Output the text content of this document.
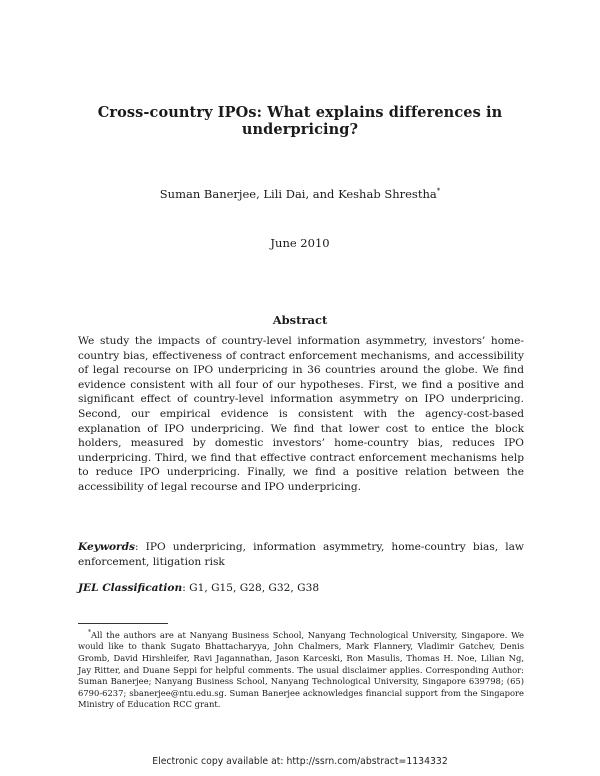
Cross-country IPOs: What explains differences in underpricing?
Suman Banerjee, Lili Dai, and Keshab Shrestha*
June 2010
Abstract

We study the impacts of country-level information asymmetry, investors’ home-country bias, effectiveness of contract enforcement mechanisms, and accessibility of legal recourse on IPO underpricing in 36 countries around the globe. We find evidence consistent with all four of our hypotheses. First, we find a positive and significant effect of country-level information asymmetry on IPO underpricing. Second, our empirical evidence is consistent with the agency-cost-based explanation of IPO underpricing. We find that lower cost to entice the block holders, measured by domestic investors’ home-country bias, reduces IPO underpricing. Third, we find that effective contract enforcement mechanisms help to reduce IPO underpricing. Finally, we find a positive relation between the accessibility of legal recourse and IPO underpricing.

Keywords: IPO underpricing, information asymmetry, home-country bias, law enforcement, litigation risk

JEL Classification: G1, G15, G28, G32, G38

*All the authors are at Nanyang Business School, Nanyang Technological University, Singapore. We would like to thank Sugato Bhattacharyya, John Chalmers, Mark Flannery, Vladimir Gatchev, Denis Gromb, David Hirshleifer, Ravi Jagannathan, Jason Karceski, Ron Masulis, Thomas H. Noe, Lilian Ng, Jay Ritter, and Duane Seppi for helpful comments. The usual disclaimer applies. Corresponding Author: Suman Banerjee; Nanyang Business School, Nanyang Technological University, Singapore 639798; (65) 6790-6237; sbanerjee@ntu.edu.sg. Suman Banerjee acknowledges financial support from the Singapore Ministry of Education RCC grant.

Electronic copy available at: http://ssrn.com/abstract=1134332
